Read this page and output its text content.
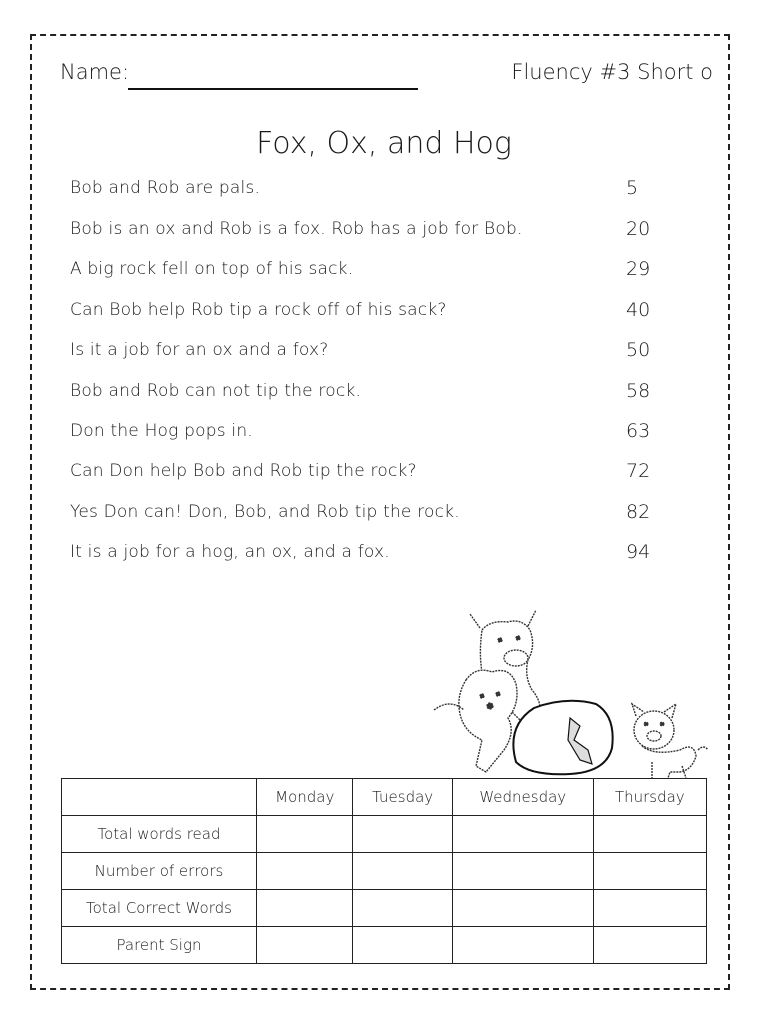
Name:	Fluency #3 Short o
Fox, Ox, and Hog
Bob and Rob are pals.	5
Bob is an ox and Rob is a fox. Rob has a job for Bob.	20
A big rock fell on top of his sack.	29
Can Bob help Rob tip a rock off of his sack?	40
Is it a job for an ox and a fox?	50
Bob and Rob can not tip the rock.	58
Don the Hog pops in.	63
Can Don help Bob and Rob tip the rock?	72
Yes Don can! Don, Bob, and Rob tip the rock.	82
It is a job for a hog, an ox, and a fox.	94
	Monday	Tuesday	Wednesday	Thursday
Total words read				
Number of errors				
Total Correct Words				
Parent Sign				
